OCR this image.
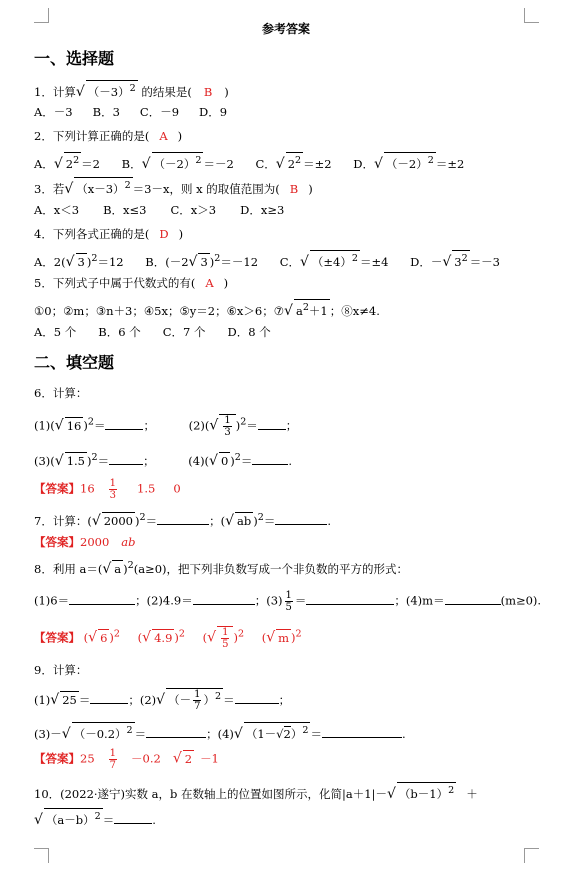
参考答案
一、选择题
1．计算√ $(-3)^2$ 的结果是( B )
A．－3 B．3 C．－9 D．9
2．下列计算正确的是( A )
A．√ $2^2 =2$ B．√ $(-2)^2 =-2$ C．√ $2^2 =\pm 2$ D．√ $(-2)^2 =\pm 2$
3．若√ $(x-3)^2 =3-x$，则 x 的取值范围为( B )
A．x＜3 B．x≤3 C．x＞3 D．x≥3
4．下列各式正确的是( D )
A．2(√ 3 )$^2$＝12 B．(－2√ 3 )$^2$＝－12 C．√ $(\pm 4)^2 =\pm 4$ D．－√ $3^2 =-3$
5．下列式子中属于代数式的有( A )
①0；②m；③n＋3；④5x；⑤y＝2；⑥x＞6；⑦√ $a^2+1$ ；⑧x≠4.
A．5 个 B．6 个 C．7 个 D．8 个
二、填空题
6．计算：
(1)(√ 16 )$^2$＝	；	$(2)(√ \frac{1}{3} )^2=$ ；
(3)(√ 1.5 )$^2$＝	；	(4)(√ 0 )$^2$＝	.
【答案】$16 \frac{1}{3} 1.5$ 0
7．计算：(√ 2000 )$^2$＝	；(√ ab )$^2$＝	.
【答案】2000 ab
8．利用 a＝(√ a )$^2$(a≥0)，把下列非负数写成一个非负数的平方的形式：
(1)6＝	；(2)4.9＝	；$(3) \frac{1}{5}$ ＝	；(4)m＝	(m≥0).
【答案】 (√ 6 )$^2$ (√ 4.9 )$^2$ (√ $\frac{1}{5} )^2$ (√ m )$^2$
9．计算：
(1)√ 25 ＝	；(2)√ （－ $\frac{1}{7} )^2$ ＝	；
(3)－√ $(-0.2)^2$ ＝	；(4)√ $(1-√2)^2$ ＝	.
【答案】$25 \frac{1}{7} -0.2$ √ 2 －1
10．(2022·遂宁)实数 a，b 在数轴上的位置如图所示，化简|a＋1|－√ $(b-1)^2$ ＋
√ $(a-b)^2$ ＝	.
